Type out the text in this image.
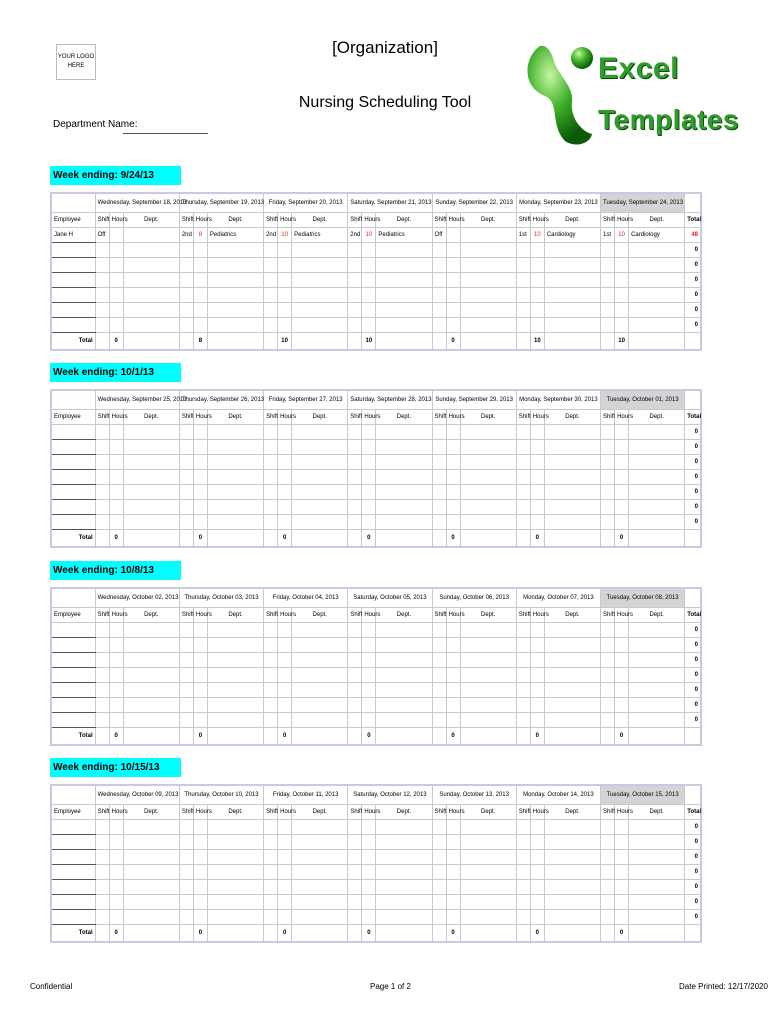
YOUR LOGO HERE
[Organization]
Nursing Scheduling Tool
Department Name:
Excel
Templates
Week ending: 9/24/13
	Wednesday, September 18, 2013			Thursday, September 19, 2013			Friday, September 20, 2013			Saturday, September 21, 2013			Sunday, September 22, 2013			Monday, September 23, 2013			Tuesday, September 24, 2013			
Employee	Shift	Hours	Dept.	Shift	Hours	Dept.	Shift	Hours	Dept.	Shift	Hours	Dept.	Shift	Hours	Dept.	Shift	Hours	Dept.	Shift	Hours	Dept.	Total
Jane H	Off			2nd	8	Pediatrics	2nd	10	Pediatrics	2nd	10	Pediatrics	Off			1st	10	Cardiology	1st	10	Cardiology	48
																						0
																						0
																						0
																						0
																						0
																						0
Total		0			8			10			10			0			10			10		
Week ending: 10/1/13
	Wednesday, September 25, 2013			Thursday, September 26, 2013			Friday, September 27, 2013			Saturday, September 28, 2013			Sunday, September 29, 2013			Monday, September 30, 2013			Tuesday, October 01, 2013			
Employee	Shift	Hours	Dept.	Shift	Hours	Dept.	Shift	Hours	Dept.	Shift	Hours	Dept.	Shift	Hours	Dept.	Shift	Hours	Dept.	Shift	Hours	Dept.	Total
																						0
																						0
																						0
																						0
																						0
																						0
																						0
Total		0			0			0			0			0			0			0		
Week ending: 10/8/13
	Wednesday, October 02, 2013			Thursday, October 03, 2013			Friday, October 04, 2013			Saturday, October 05, 2013			Sunday, October 06, 2013			Monday, October 07, 2013			Tuesday, October 08, 2013			
Employee	Shift	Hours	Dept.	Shift	Hours	Dept.	Shift	Hours	Dept.	Shift	Hours	Dept.	Shift	Hours	Dept.	Shift	Hours	Dept.	Shift	Hours	Dept.	Total
																						0
																						0
																						0
																						0
																						0
																						0
																						0
Total		0			0			0			0			0			0			0		
Week ending: 10/15/13
	Wednesday, October 09, 2013			Thursday, October 10, 2013			Friday, October 11, 2013			Saturday, October 12, 2013			Sunday, October 13, 2013			Monday, October 14, 2013			Tuesday, October 15, 2013			
Employee	Shift	Hours	Dept.	Shift	Hours	Dept.	Shift	Hours	Dept.	Shift	Hours	Dept.	Shift	Hours	Dept.	Shift	Hours	Dept.	Shift	Hours	Dept.	Total
																						0
																						0
																						0
																						0
																						0
																						0
																						0
Total		0			0			0			0			0			0			0		
Confidential	Page 1 of 2	Date Printed: 12/17/2020
